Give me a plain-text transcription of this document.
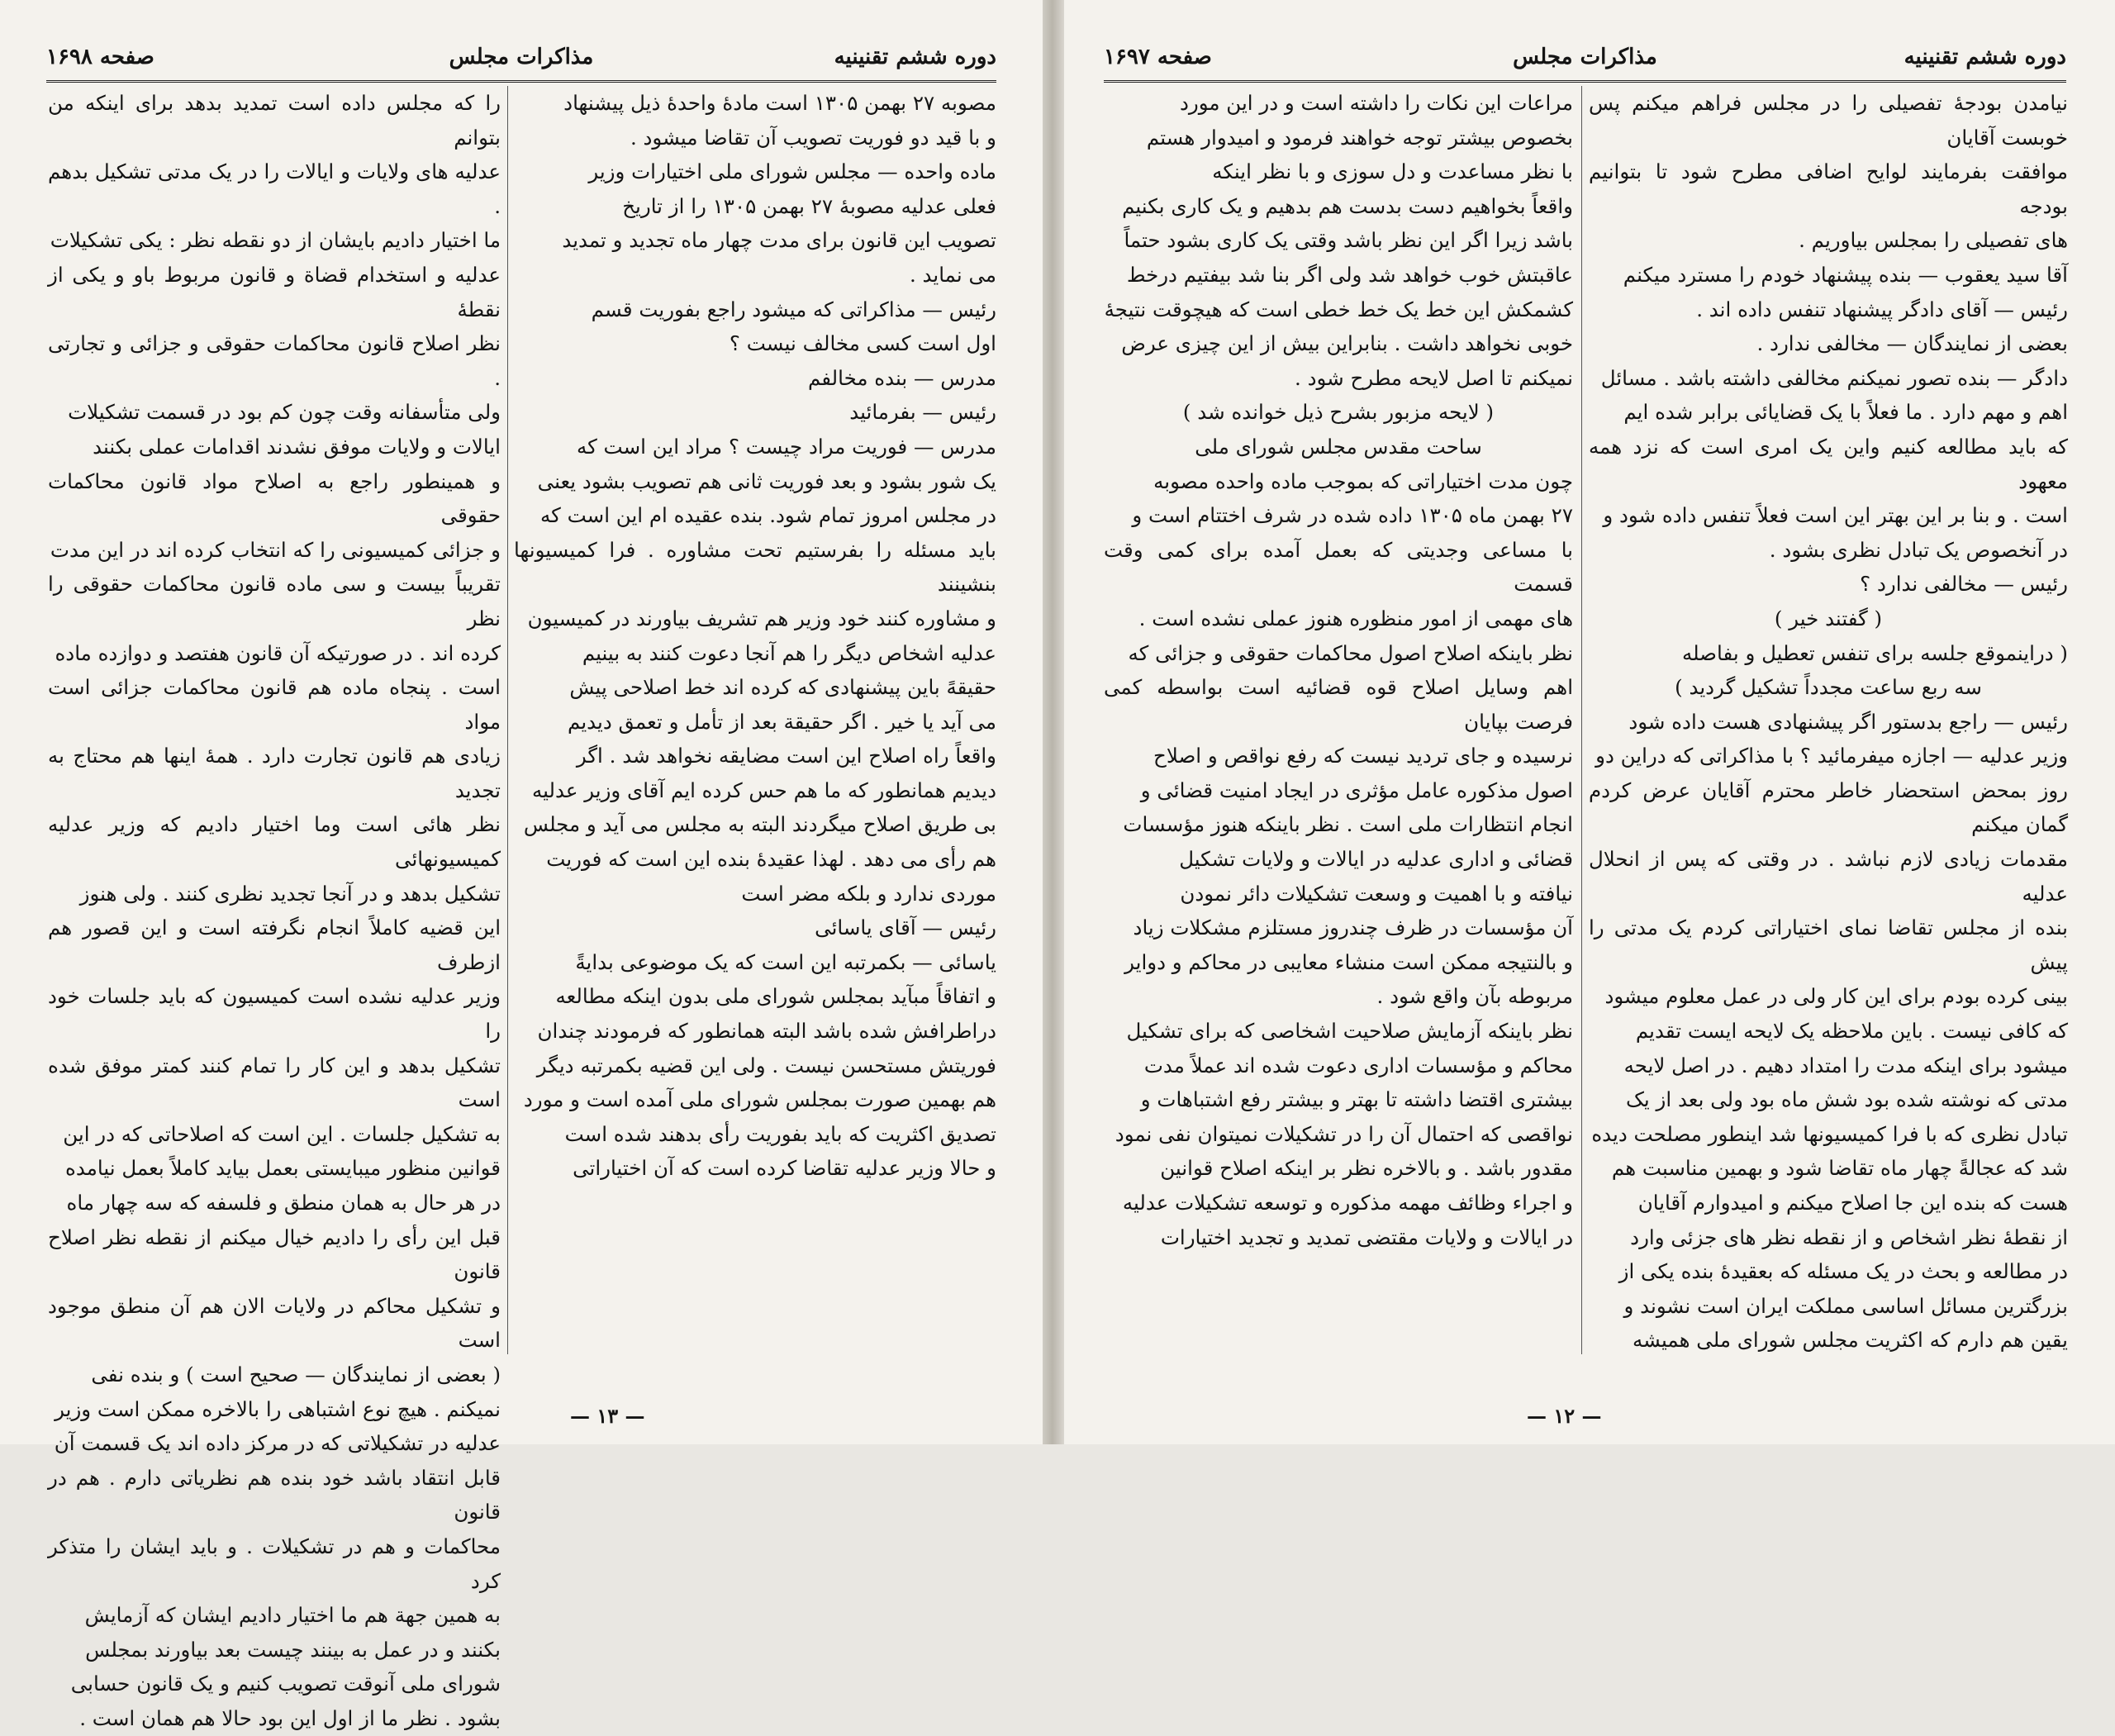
دوره ششم تقنینیه
مذاکرات مجلس
صفحه ۱۶۹۸

مصوبه ۲۷ بهمن ۱۳۰۵ است مادهٔ واحدهٔ ذیل پیشنهاد

و با قید دو فوریت تصویب آن تقاضا میشود .

ماده واحده — مجلس شورای ملی اختیارات وزیر

فعلی عدلیه مصوبهٔ ۲۷ بهمن ۱۳۰۵ را از تاریخ

تصویب این قانون برای مدت چهار ماه تجدید و تمدید

می نماید .

رئیس — مذاکراتی که میشود راجع بفوریت قسم

اول است کسی مخالف نیست ؟

مدرس — بنده مخالفم

رئیس — بفرمائید

مدرس — فوریت مراد چیست ؟ مراد این است که

یک شور بشود و بعد فوریت ثانی هم تصویب بشود یعنی

در مجلس امروز تمام شود. بنده عقیده ام این است که

باید مسئله را بفرستیم تحت مشاوره . فرا کمیسیونها بنشینند

و مشاوره کنند خود وزیر هم تشریف بیاورند در کمیسیون

عدلیه اشخاص دیگر را هم آنجا دعوت کنند به بینیم

حقیقهً باین پیشنهادی که کرده اند خط اصلاحی پیش

می آید یا خیر . اگر حقیقة بعد از تأمل و تعمق دیدیم

واقعاً راه اصلاح این است مضایقه نخواهد شد . اگر

دیدیم همانطور که ما هم حس کرده ایم آقای وزیر عدلیه

بی طریق اصلاح میگردند البته به مجلس می آید و مجلس

هم رأی می دهد . لهذا عقیدهٔ بنده این است که فوریت

موردی ندارد و بلکه مضر است

رئیس — آقای یاسائی

یاسائی — بکمرتبه این است که یک موضوعی بدایةً

و اتفاقاً مبآید بمجلس شورای ملی بدون اینکه مطالعه

دراطرافش شده باشد البته همانطور که فرمودند چندان

فوریتش مستحسن نیست . ولی این قضیه بکمرتبه دیگر

هم بهمین صورت بمجلس شورای ملی آمده است و مورد

تصدیق اکثریت که باید بفوریت رأی بدهند شده است

و حالا وزیر عدلیه تقاضا کرده است که آن اختیاراتی

را که مجلس داده است تمدید بدهد برای اینکه من بتوانم

عدلیه های ولایات و ایالات را در یک مدتی تشکیل بدهم .

ما اختیار دادیم بایشان از دو نقطه نظر : یکی تشکیلات

عدلیه و استخدام قضاة و قانون مربوط باو و یکی از نقطهٔ

نظر اصلاح قانون محاکمات حقوقی و جزائی و تجارتی .

ولی متأسفانه وقت چون کم بود در قسمت تشکیلات

ایالات و ولایات موفق نشدند اقدامات عملی بکنند

و همینطور راجع به اصلاح مواد قانون محاکمات حقوقی

و جزائی کمیسیونی را که انتخاب کرده اند در این مدت

تقریباً بیست و سی ماده قانون محاکمات حقوقی را نظر

کرده اند . در صورتیکه آن قانون هفتصد و دوازده ماده

است . پنجاه ماده هم قانون محاکمات جزائی است مواد

زیادی هم قانون تجارت دارد . همهٔ اینها هم محتاج به تجدید

نظر هائی است وما اختیار دادیم که وزیر عدلیه کمیسیونهائی

تشکیل بدهد و در آنجا تجدید نظری کنند . ولی هنوز

این قضیه کاملاً انجام نگرفته است و این قصور هم ازطرف

وزیر عدلیه نشده است کمیسیون که باید جلسات خود را

تشکیل بدهد و این کار را تمام کنند کمتر موفق شده است

به تشکیل جلسات . این است که اصلاحاتی که در این

قوانین منظور میبایستی بعمل بیاید کاملاً بعمل نیامده

در هر حال به همان منطق و فلسفه که سه چهار ماه

قبل این رأی را دادیم خیال میکنم از نقطه نظر اصلاح قانون

و تشکیل محاکم در ولایات الان هم آن منطق موجود است

( بعضی از نمایندگان — صحیح است ) و بنده نفی

نمیکنم . هیچ نوع اشتباهی را بالاخره ممکن است وزیر

عدلیه در تشکیلاتی که در مرکز داده اند یک قسمت آن

قابل انتقاد باشد خود بنده هم نظریاتی دارم . هم در قانون

محاکمات و هم در تشکیلات . و باید ایشان را متذکر کرد

به همین جهة هم ما اختیار دادیم ایشان که آزمایش

بکنند و در عمل به بینند چیست بعد بیاورند بمجلس

شورای ملی آنوقت تصویب کنیم و یک قانون حسابی

بشود . نظر ما از اول این بود حالا هم همان است .

— ۱۳ —
دوره ششم تقنینیه
مذاکرات مجلس
صفحه ۱۶۹۷

نیامدن بودجهٔ تفصیلی را در مجلس فراهم میکنم پس خوبست آقایان

موافقت بفرمایند لوایح اضافی مطرح شود تا بتوانیم بودجه

های تفصیلی را بمجلس بیاوریم .

آقا سید یعقوب — بنده پیشنهاد خودم را مسترد میکنم

رئیس — آقای دادگر پیشنهاد تنفس داده اند .

بعضی از نمایندگان — مخالفی ندارد .

دادگر — بنده تصور نمیکنم مخالفی داشته باشد . مسائل

اهم و مهم دارد . ما فعلاً با یک قضایائی برابر شده ایم

که باید مطالعه کنیم واین یک امری است که نزد همه معهود

است . و بنا بر این بهتر این است فعلاً تنفس داده شود و

در آنخصوص یک تبادل نظری بشود .

رئیس — مخالفی ندارد ؟

( گفتند خیر )

( دراینموقع جلسه برای تنفس تعطیل و بفاصله

سه ربع ساعت مجدداً تشکیل گردید )

رئیس — راجع بدستور اگر پیشنهادی هست داده شود

وزیر عدلیه — اجازه میفرمائید ؟ با مذاکراتی که دراین دو

روز بمحض استحضار خاطر محترم آقایان عرض کردم گمان میکنم

مقدمات زیادی لازم نباشد . در وقتی که پس از انحلال عدلیه

بنده از مجلس تقاضا نمای اختیاراتی کردم یک مدتی را پیش

بینی کرده بودم برای این کار ولی در عمل معلوم میشود

که کافی نیست . باین ملاحظه یک لایحه ایست تقدیم

میشود برای اینکه مدت را امتداد دهیم . در اصل لایحه

مدتی که نوشته شده بود شش ماه بود ولی بعد از یک

تبادل نظری که با فرا کمیسیونها شد اینطور مصلحت دیده

شد که عجالةً چهار ماه تقاضا شود و بهمین مناسبت هم

هست که بنده این جا اصلاح میکنم و امیدوارم آقایان

از نقطهٔ نظر اشخاص و از نقطه نظر های جزئی وارد

در مطالعه و بحث در یک مسئله که بعقیدهٔ بنده یکی از

بزرگترین مسائل اساسی مملکت ایران است نشوند و

یقین هم دارم که اکثریت مجلس شورای ملی همیشه

مراعات این نکات را داشته است و در این مورد

بخصوص بیشتر توجه خواهند فرمود و امیدوار هستم

با نظر مساعدت و دل سوزی و با نظر اینکه

واقعاً بخواهیم دست بدست هم بدهیم و یک کاری بکنیم

باشد زیرا اگر این نظر باشد وقتی یک کاری بشود حتماً

عاقبتش خوب خواهد شد ولی اگر بنا شد بیفتیم درخط

کشمکش این خط یک خط خطی است که هیچوقت نتیجهٔ

خوبی نخواهد داشت . بنابراین بیش از این چیزی عرض

نمیکنم تا اصل لایحه مطرح شود .

( لایحه مزبور بشرح ذیل خوانده شد )

ساحت مقدس مجلس شورای ملی

چون مدت اختیاراتی که بموجب ماده واحده مصوبه

۲۷ بهمن ماه ۱۳۰۵ داده شده در شرف اختتام است و

با مساعی وجدیتی که بعمل آمده برای کمی وقت قسمت

های مهمی از امور منظوره هنوز عملی نشده است .

نظر باینکه اصلاح اصول محاکمات حقوقی و جزائی که

اهم وسایل اصلاح قوه قضائیه است بواسطه کمی فرصت بپایان

نرسیده و جای تردید نیست که رفع نواقص و اصلاح

اصول مذکوره عامل مؤثری در ایجاد امنیت قضائی و

انجام انتظارات ملی است . نظر باینکه هنوز مؤسسات

قضائی و اداری عدلیه در ایالات و ولایات تشکیل

نیافته و با اهمیت و وسعت تشکیلات دائر نمودن

آن مؤسسات در ظرف چندروز مستلزم مشکلات زیاد

و بالنتیجه ممکن است منشاء معایبی در محاکم و دوایر

مربوطه بآن واقع شود .

نظر باینکه آزمایش صلاحیت اشخاصی که برای تشکیل

محاکم و مؤسسات اداری دعوت شده اند عملاً مدت

بیشتری اقتضا داشته تا بهتر و بیشتر رفع اشتباهات و

نواقصی که احتمال آن را در تشکیلات نمیتوان نفی نمود

مقدور باشد . و بالاخره نظر بر اینکه اصلاح قوانین

و اجراء وظائف مهمه مذکوره و توسعه تشکیلات عدلیه

در ایالات و ولایات مقتضی تمدید و تجدید اختیارات

— ۱۲ —
